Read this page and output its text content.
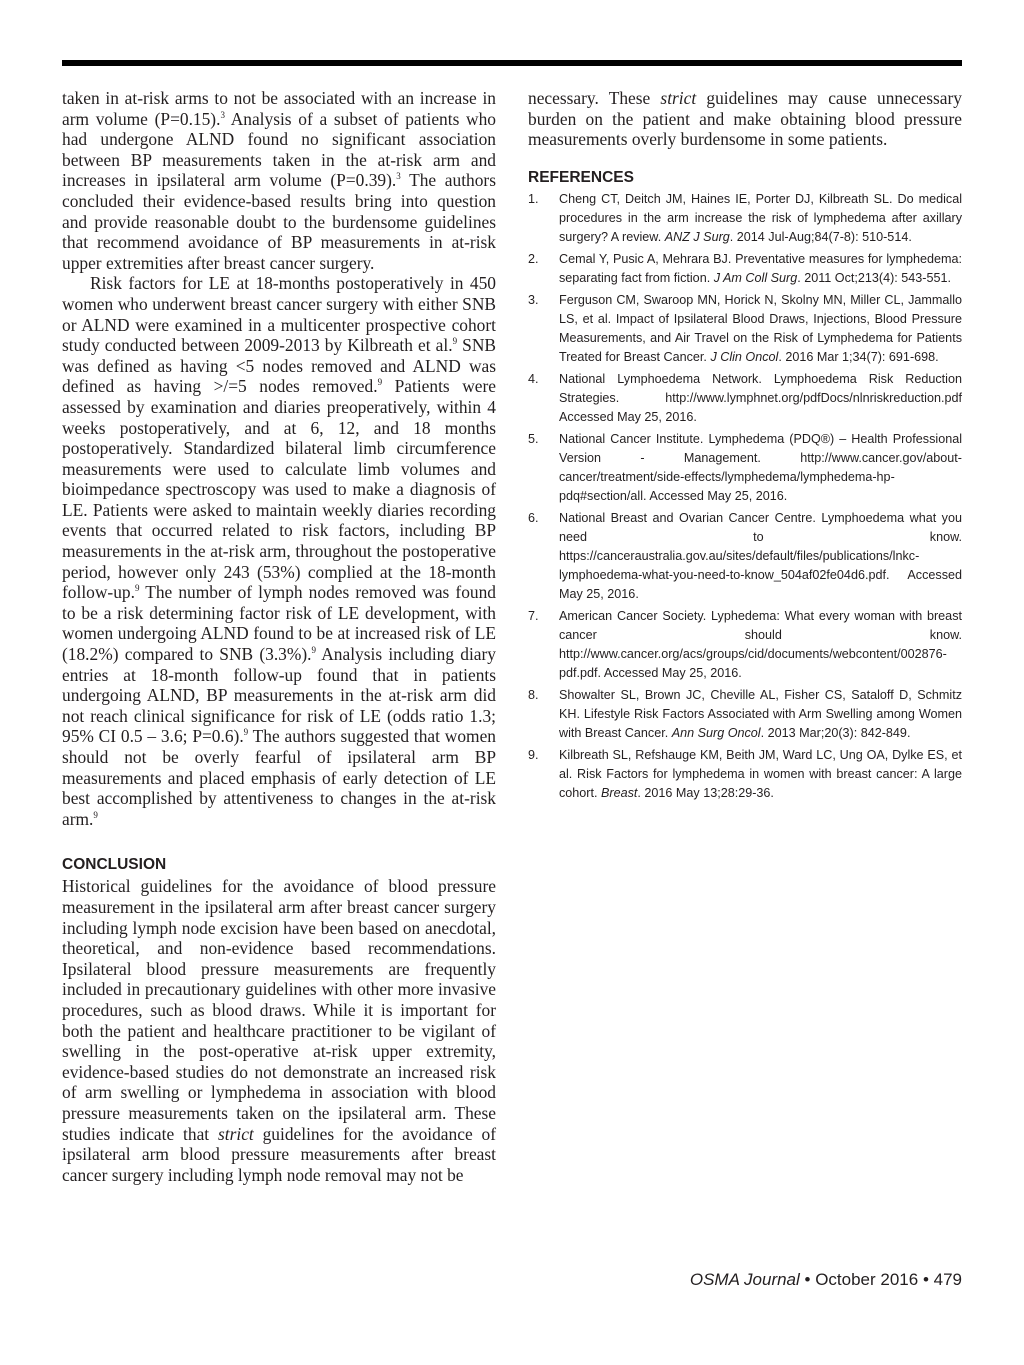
taken in at-risk arms to not be associated with an increase in arm volume (P=0.15).$^3$ Analysis of a subset of patients who had undergone ALND found no significant association between BP measurements taken in the at-risk arm and increases in ipsilateral arm volume (P=0.39).$^3$ The authors concluded their evidence-based results bring into question and provide reasonable doubt to the burdensome guidelines that recommend avoidance of BP measurements in at-risk upper extremities after breast cancer surgery.

Risk factors for LE at 18-months postoperatively in 450 women who underwent breast cancer surgery with either SNB or ALND were examined in a multicenter prospective cohort study conducted between 2009-2013 by Kilbreath et al.$^9$ SNB was defined as having <5 nodes removed and ALND was defined as having >/=5 nodes removed.$^9$ Patients were assessed by examination and diaries preoperatively, within 4 weeks postoperatively, and at 6, 12, and 18 months postoperatively. Standardized bilateral limb circumference measurements were used to calculate limb volumes and bioimpedance spectroscopy was used to make a diagnosis of LE. Patients were asked to maintain weekly diaries recording events that occurred related to risk factors, including BP measurements in the at-risk arm, throughout the postoperative period, however only 243 (53%) complied at the 18-month follow-up.$^9$ The number of lymph nodes removed was found to be a risk determining factor risk of LE development, with women undergoing ALND found to be at increased risk of LE (18.2%) compared to SNB (3.3%).$^9$ Analysis including diary entries at 18-month follow-up found that in patients undergoing ALND, BP measurements in the at-risk arm did not reach clinical significance for risk of LE (odds ratio 1.3; 95% CI 0.5 – 3.6; P=0.6).$^9$ The authors suggested that women should not be overly fearful of ipsilateral arm BP measurements and placed emphasis of early detection of LE best accomplished by attentiveness to changes in the at-risk arm.$^9$

CONCLUSION

Historical guidelines for the avoidance of blood pressure measurement in the ipsilateral arm after breast cancer surgery including lymph node excision have been based on anecdotal, theoretical, and non-evidence based recommendations. Ipsilateral blood pressure measurements are frequently included in precautionary guidelines with other more invasive procedures, such as blood draws. While it is important for both the patient and healthcare practitioner to be vigilant of swelling in the post-operative at-risk upper extremity, evidence-based studies do not demonstrate an increased risk of arm swelling or lymphedema in association with blood pressure measurements taken on the ipsilateral arm. These studies indicate that strict guidelines for the avoidance of ipsilateral arm blood pressure measurements after breast cancer surgery including lymph node removal may not be

necessary. These strict guidelines may cause unnecessary burden on the patient and make obtaining blood pressure measurements overly burdensome in some patients.

REFERENCES
1. Cheng CT, Deitch JM, Haines IE, Porter DJ, Kilbreath SL. Do medical procedures in the arm increase the risk of lymphedema after axillary surgery? A review. ANZ J Surg. 2014 Jul-Aug;84(7-8): 510-514.
2. Cemal Y, Pusic A, Mehrara BJ. Preventative measures for lymphedema: separating fact from fiction. J Am Coll Surg. 2011 Oct;213(4): 543-551.
3. Ferguson CM, Swaroop MN, Horick N, Skolny MN, Miller CL, Jammallo LS, et al. Impact of Ipsilateral Blood Draws, Injections, Blood Pressure Measurements, and Air Travel on the Risk of Lymphedema for Patients Treated for Breast Cancer. J Clin Oncol. 2016 Mar 1;34(7): 691-698.
4. National Lymphoedema Network. Lymphoedema Risk Reduction Strategies. http://www.lymphnet.org/pdfDocs/nlnriskreduction.pdf Accessed May 25, 2016.
5. National Cancer Institute. Lymphedema (PDQ®) – Health Professional Version - Management. http://www.cancer.gov/about-cancer/treatment/side-effects/lymphedema/lymphedema-hp-pdq#section/all. Accessed May 25, 2016.
6. National Breast and Ovarian Cancer Centre. Lymphoedema what you need to know. https://canceraustralia.gov.au/sites/default/files/publications/lnkc-lymphoedema-what-you-need-to-know_504af02fe04d6.pdf. Accessed May 25, 2016.
7. American Cancer Society. Lyphedema: What every woman with breast cancer should know. http://www.cancer.org/acs/groups/cid/documents/webcontent/002876-pdf.pdf. Accessed May 25, 2016.
8. Showalter SL, Brown JC, Cheville AL, Fisher CS, Sataloff D, Schmitz KH. Lifestyle Risk Factors Associated with Arm Swelling among Women with Breast Cancer. Ann Surg Oncol. 2013 Mar;20(3): 842-849.
9. Kilbreath SL, Refshauge KM, Beith JM, Ward LC, Ung OA, Dylke ES, et al. Risk Factors for lymphedema in women with breast cancer: A large cohort. Breast. 2016 May 13;28:29-36.
OSMA Journal • October 2016 • 479
